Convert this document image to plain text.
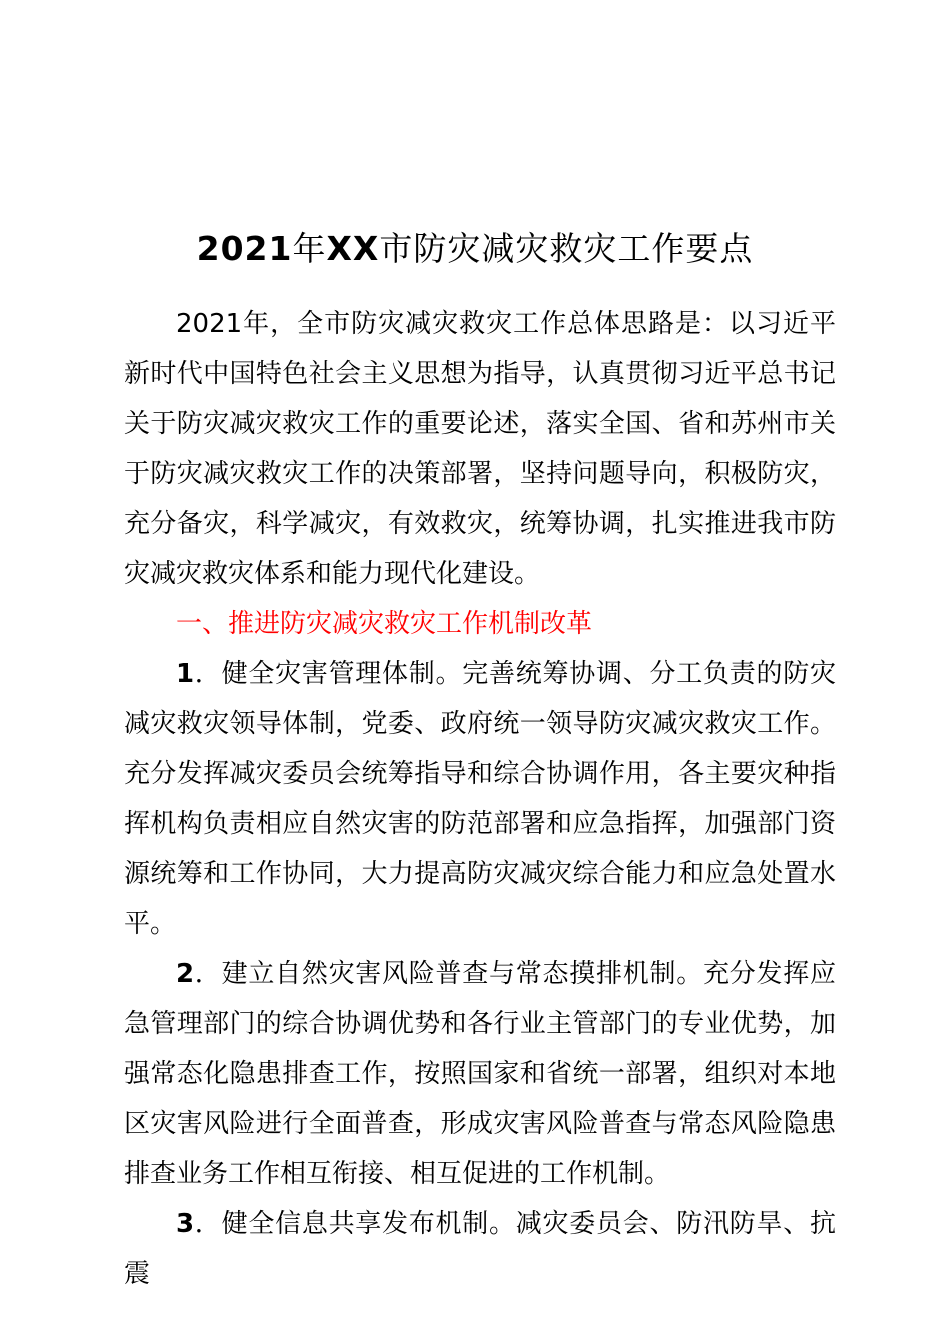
2021年XX市防灾减灾救灾工作要点

2021年，全市防灾减灾救灾工作总体思路是：以习近平新时代中国特色社会主义思想为指导，认真贯彻习近平总书记关于防灾减灾救灾工作的重要论述，落实全国、省和苏州市关于防灾减灾救灾工作的决策部署，坚持问题导向，积极防灾，充分备灾，科学减灾，有效救灾，统筹协调，扎实推进我市防灾减灾救灾体系和能力现代化建设。

一、推进防灾减灾救灾工作机制改革

1．健全灾害管理体制。完善统筹协调、分工负责的防灾减灾救灾领导体制，党委、政府统一领导防灾减灾救灾工作。充分发挥减灾委员会统筹指导和综合协调作用，各主要灾种指挥机构负责相应自然灾害的防范部署和应急指挥，加强部门资源统筹和工作协同，大力提高防灾减灾综合能力和应急处置水平。

2．建立自然灾害风险普查与常态摸排机制。充分发挥应急管理部门的综合协调优势和各行业主管部门的专业优势，加强常态化隐患排查工作，按照国家和省统一部署，组织对本地区灾害风险进行全面普查，形成灾害风险普查与常态风险隐患排查业务工作相互衔接、相互促进的工作机制。

3．健全信息共享发布机制。减灾委员会、防汛防旱、抗震
